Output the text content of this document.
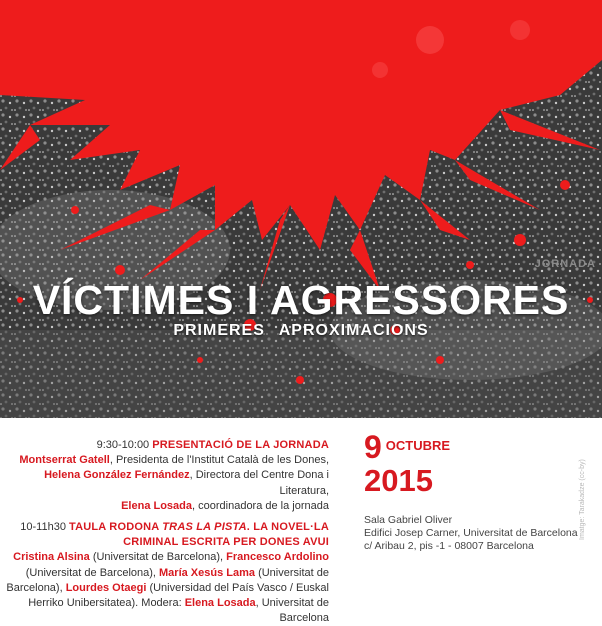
JORNADA
VÍCTIMES I AGRESSORES
PRIMERES APROXIMACIONS

9:30-10:00 PRESENTACIÓ DE LA JORNADA

Montserrat Gatell, Presidenta de l'Institut Català de les Dones,

Helena González Fernández, Directora del Centre Dona i Literatura,

Elena Losada, coordinadora de la jornada

10-11h30 TAULA RODONA TRAS LA PISTA. LA NOVEL·LA

CRIMINAL ESCRITA PER DONES AVUI

Cristina Alsina (Universitat de Barcelona), Francesco Ardolino

(Universitat de Barcelona), María Xesús Lama (Universitat de

Barcelona), Lourdes Otaegi (Universidad del País Vasco / Euskal

Herriko Unibersitatea). Modera: Elena Losada, Universitat de Barcelona

9 $^{OCTUBRE}$
2015

Sala Gabriel Oliver

Edifici Josep Carner, Universitat de Barcelona

c/ Aribau 2, pis -1 - 08007 Barcelona

Imatge: Tarakadze (cc-by)
